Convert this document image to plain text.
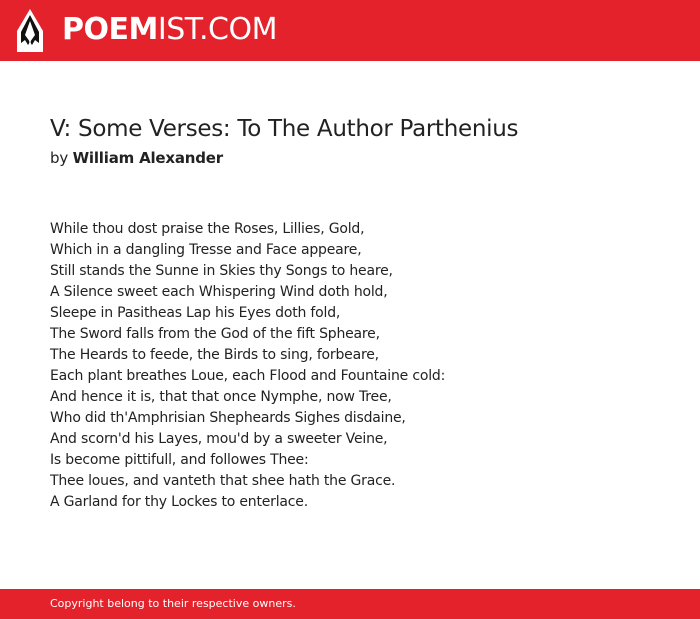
POEMIST.COM
V: Some Verses: To The Author Parthenius
by William Alexander
While thou dost praise the Roses, Lillies, Gold,
Which in a dangling Tresse and Face appeare,
Still stands the Sunne in Skies thy Songs to heare,
A Silence sweet each Whispering Wind doth hold,
Sleepe in Pasitheas Lap his Eyes doth fold,
The Sword falls from the God of the fift Spheare,
The Heards to feede, the Birds to sing, forbeare,
Each plant breathes Loue, each Flood and Fountaine cold:
And hence it is, that that once Nymphe, now Tree,
Who did th'Amphrisian Shepheards Sighes disdaine,
And scorn'd his Layes, mou'd by a sweeter Veine,
Is become pittifull, and followes Thee:
Thee loues, and vanteth that shee hath the Grace.
A Garland for thy Lockes to enterlace.
Copyright belong to their respective owners.
